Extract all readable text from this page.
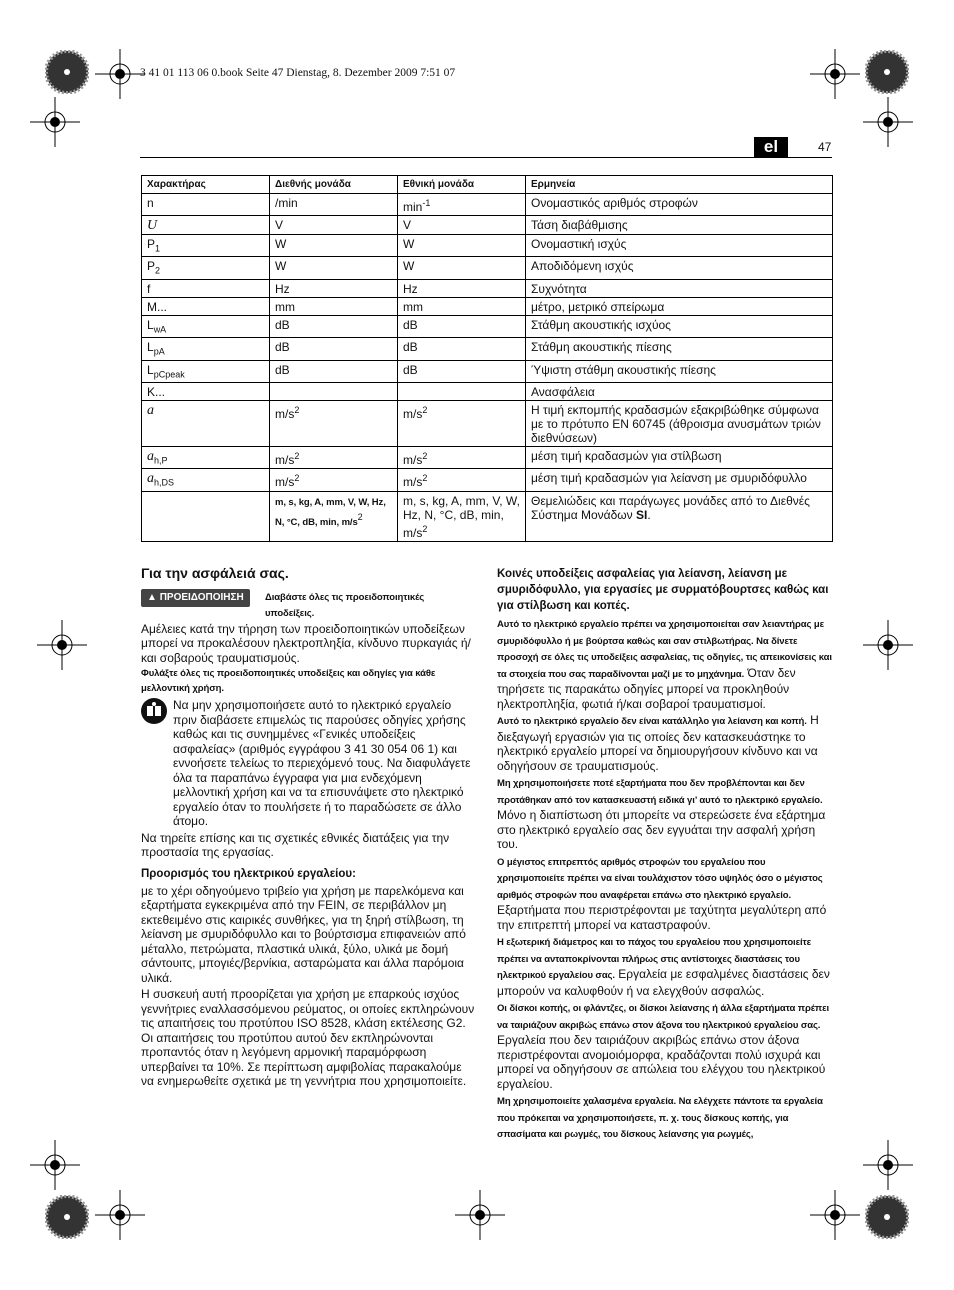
3 41 01 113 06 0.book Seite 47 Dienstag, 8. Dezember 2009 7:51 07
el	47
Χαρακτήρας	Διεθνής μονάδα	Εθνική μονάδα	Ερμηνεία
n	/min	$\min^{-1}$	Ονομαστικός αριθμός στροφών
U	V	V	Τάση διαβάθμισης
$P_1$	W	W	Ονομαστική ισχύς
$P_2$	W	W	Αποδιδόμενη ισχύς
f	Hz	Hz	Συχνότητα
M...	mm	mm	μέτρο, μετρικό σπείρωμα
$L_{wA}$	dB	dB	Στάθμη ακουστικής ισχύος
$L_{pA}$	dB	dB	Στάθμη ακουστικής πίεσης
$L_{pCpeak}$	dB	dB	Ύψιστη στάθμη ακουστικής πίεσης
K...			Ανασφάλεια
a	$m/s^2$	$m/s^2$	Η τιμή εκπομπής κραδασμών εξακριβώθηκε σύμφωνα με το πρότυπο EN 60745 (άθροισμα ανυσμάτων τριών διεθνύσεων)
$a_{h,P}$	$m/s^2$	$m/s^2$	μέση τιμή κραδασμών για στίλβωση
$a_{h,DS}$	$m/s^2$	$m/s^2$	μέση τιμή κραδασμών για λείανση με σμυριδόφυλλο
	m, s, kg, A, mm, V, W, Hz, N, °C, dB, min, $m/s^2$	m, s, kg, A, mm, V, W, Hz, N, °C, dB, min, $m/s^2$	Θεμελιώδεις και παράγωγες μονάδες από το Διεθνές Σύστημα Μονάδων SI.

Για την ασφάλειά σας.

▲ ΠΡΟΕΙΔΟΠΟΙΗΣΗ	Διαβάστε όλες τις προειδοποιητικές υποδείξεις.

Αμέλειες κατά την τήρηση των προειδοποιητικών υποδείξεων μπορεί να προκαλέσουν ηλεκτροπληξία, κίνδυνο πυρκαγιάς ή/και σοβαρούς τραυματισμούς.

Φυλάξτε όλες τις προειδοποιητικές υποδείξεις και οδηγίες για κάθε μελλοντική χρήση.

Να μην χρησιμοποιήσετε αυτό το ηλεκτρικό εργαλείο πριν διαβάσετε επιμελώς τις παρούσες οδηγίες χρήσης καθώς και τις συνημμένες «Γενικές υποδείξεις ασφαλείας» (αριθμός εγγράφου 3 41 30 054 06 1) και εννοήσετε τελείως το περιεχόμενό τους. Να διαφυλάγετε όλα τα παραπάνω έγγραφα για μια ενδεχόμενη μελλοντική χρήση και να τα επισυνάψετε στο ηλεκτρικό εργαλείο όταν το πουλήσετε ή το παραδώσετε σε άλλο άτομο.

Να τηρείτε επίσης και τις σχετικές εθνικές διατάξεις για την προστασία της εργασίας.

Προορισμός του ηλεκτρικού εργαλείου:

με το χέρι οδηγούμενο τριβείο για χρήση με παρελκόμενα και εξαρτήματα εγκεκριμένα από την FEIN, σε περιβάλλον μη εκτεθειμένο στις καιρικές συνθήκες, για τη ξηρή στίλβωση, τη λείανση με σμυριδόφυλλο και το βούρτσισμα επιφανειών από μέταλλο, πετρώματα, πλαστικά υλικά, ξύλο, υλικά με δομή σάντουιτς, μπογιές/βερνίκια, ασταρώματα και άλλα παρόμοια υλικά.

Η συσκευή αυτή προορίζεται για χρήση με επαρκούς ισχύος γεννήτριες εναλλασσόμενου ρεύματος, οι οποίες εκπληρώνουν τις απαιτήσεις του προτύπου ISO 8528, κλάση εκτέλεσης G2. Οι απαιτήσεις του προτύπου αυτού δεν εκπληρώνονται προπαντός όταν η λεγόμενη αρμονική παραμόρφωση υπερβαίνει τα 10%. Σε περίπτωση αμφιβολίας παρακαλούμε να ενημερωθείτε σχετικά με τη γεννήτρια που χρησιμοποιείτε.

Κοινές υποδείξεις ασφαλείας για λείανση, λείανση με σμυριδόφυλλο, για εργασίες με συρματόβουρτσες καθώς και για στίλβωση και κοπές.

Αυτό το ηλεκτρικό εργαλείο πρέπει να χρησιμοποιείται σαν λειαντήρας με σμυριδόφυλλο ή με βούρτσα καθώς και σαν στιλβωτήρας. Να δίνετε προσοχή σε όλες τις υποδείξεις ασφαλείας, τις οδηγίες, τις απεικονίσεις και τα στοιχεία που σας παραδίνονται μαζί με το μηχάνημα. Όταν δεν τηρήσετε τις παρακάτω οδηγίες μπορεί να προκληθούν ηλεκτροπληξία, φωτιά ή/και σοβαροί τραυματισμοί.

Αυτό το ηλεκτρικό εργαλείο δεν είναι κατάλληλο για λείανση και κοπή. Η διεξαγωγή εργασιών για τις οποίες δεν κατασκευάστηκε το ηλεκτρικό εργαλείο μπορεί να δημιουργήσουν κίνδυνο και να οδηγήσουν σε τραυματισμούς.

Μη χρησιμοποιήσετε ποτέ εξαρτήματα που δεν προβλέπονται και δεν προτάθηκαν από τον κατασκευαστή ειδικά γι’ αυτό το ηλεκτρικό εργαλείο. Μόνο η διαπίστωση ότι μπορείτε να στερεώσετε ένα εξάρτημα στο ηλεκτρικό εργαλείο σας δεν εγγυάται την ασφαλή χρήση του.

Ο μέγιστος επιτρεπτός αριθμός στροφών του εργαλείου που χρησιμοποιείτε πρέπει να είναι τουλάχιστον τόσο υψηλός όσο ο μέγιστος αριθμός στροφών που αναφέρεται επάνω στο ηλεκτρικό εργαλείο. Εξαρτήματα που περιστρέφονται με ταχύτητα μεγαλύτερη από την επιτρεπτή μπορεί να καταστραφούν.

Η εξωτερική διάμετρος και το πάχος του εργαλείου που χρησιμοποιείτε πρέπει να ανταποκρίνονται πλήρως στις αντίστοιχες διαστάσεις του ηλεκτρικού εργαλείου σας. Εργαλεία με εσφαλμένες διαστάσεις δεν μπορούν να καλυφθούν ή να ελεγχθούν ασφαλώς.

Οι δίσκοι κοπής, οι φλάντζες, οι δίσκοι λείανσης ή άλλα εξαρτήματα πρέπει να ταιριάζουν ακριβώς επάνω στον άξονα του ηλεκτρικού εργαλείου σας. Εργαλεία που δεν ταιριάζουν ακριβώς επάνω στον άξονα περιστρέφονται ανομοιόμορφα, κραδάζονται πολύ ισχυρά και μπορεί να οδηγήσουν σε απώλεια του ελέγχου του ηλεκτρικού εργαλείου.

Μη χρησιμοποιείτε χαλασμένα εργαλεία. Να ελέγχετε πάντοτε τα εργαλεία που πρόκειται να χρησιμοποιήσετε, π. χ. τους δίσκους κοπής, για σπασίματα και ρωγμές, του δίσκους λείανσης για ρωγμές,
